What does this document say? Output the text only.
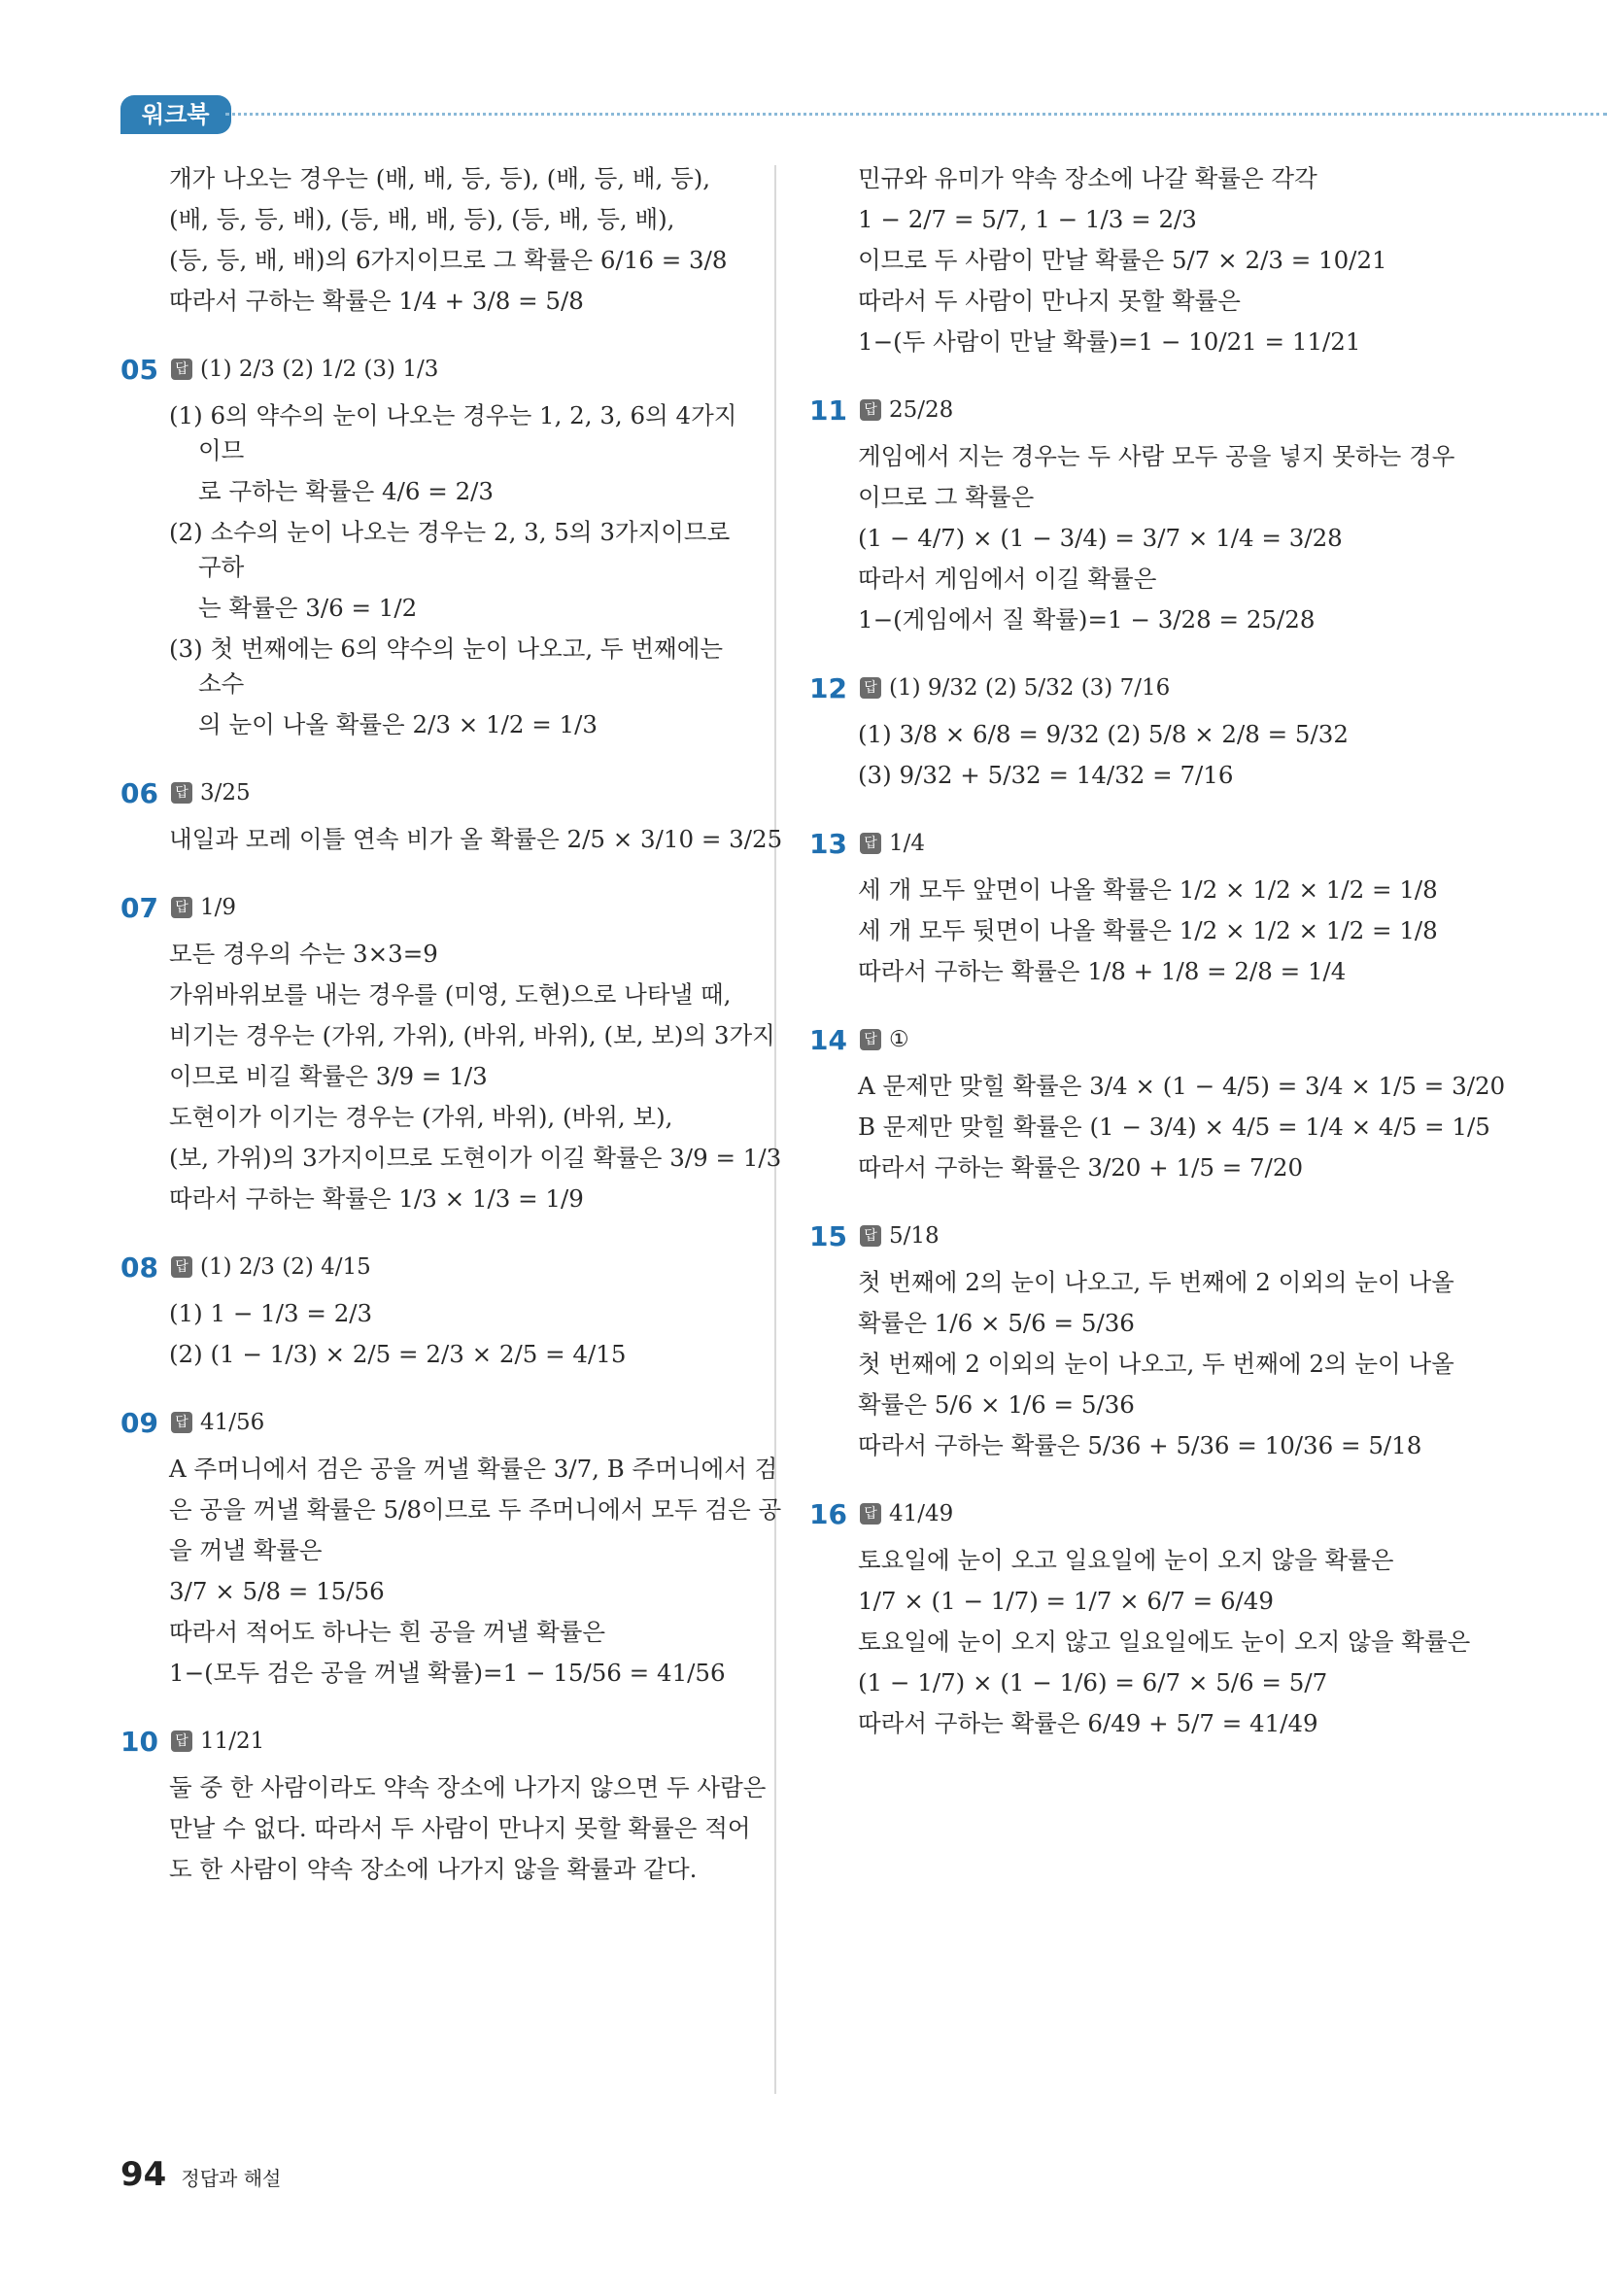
워크북
개가 나오는 경우는 (배, 배, 등, 등), (배, 등, 배, 등),
(배, 등, 등, 배), (등, 배, 배, 등), (등, 배, 등, 배),
(등, 등, 배, 배)의 6가지이므로 그 확률은 6/16 = 3/8
따라서 구하는 확률은 1/4 + 3/8 = 5/8
05	답 (1) 2/3 (2) 1/2 (3) 1/3
(1) 6의 약수의 눈이 나오는 경우는 1, 2, 3, 6의 4가지이므
로 구하는 확률은 4/6 = 2/3
(2) 소수의 눈이 나오는 경우는 2, 3, 5의 3가지이므로 구하
는 확률은 3/6 = 1/2
(3) 첫 번째에는 6의 약수의 눈이 나오고, 두 번째에는 소수
의 눈이 나올 확률은 2/3 × 1/2 = 1/3
06	답 3/25
내일과 모레 이틀 연속 비가 올 확률은 2/5 × 3/10 = 3/25
07	답 1/9
모든 경우의 수는 3×3=9
가위바위보를 내는 경우를 (미영, 도현)으로 나타낼 때,
비기는 경우는 (가위, 가위), (바위, 바위), (보, 보)의 3가지
이므로 비길 확률은 3/9 = 1/3
도현이가 이기는 경우는 (가위, 바위), (바위, 보),
(보, 가위)의 3가지이므로 도현이가 이길 확률은 3/9 = 1/3
따라서 구하는 확률은 1/3 × 1/3 = 1/9
08	답 (1) 2/3 (2) 4/15
(1) 1 − 1/3 = 2/3
(2) (1 − 1/3) × 2/5 = 2/3 × 2/5 = 4/15
09	답 41/56
A 주머니에서 검은 공을 꺼낼 확률은 3/7, B 주머니에서 검
은 공을 꺼낼 확률은 5/8이므로 두 주머니에서 모두 검은 공
을 꺼낼 확률은
3/7 × 5/8 = 15/56
따라서 적어도 하나는 흰 공을 꺼낼 확률은
1−(모두 검은 공을 꺼낼 확률)=1 − 15/56 = 41/56
10	답 11/21
둘 중 한 사람이라도 약속 장소에 나가지 않으면 두 사람은
만날 수 없다. 따라서 두 사람이 만나지 못할 확률은 적어
도 한 사람이 약속 장소에 나가지 않을 확률과 같다.
민규와 유미가 약속 장소에 나갈 확률은 각각
1 − 2/7 = 5/7, 1 − 1/3 = 2/3
이므로 두 사람이 만날 확률은 5/7 × 2/3 = 10/21
따라서 두 사람이 만나지 못할 확률은
1−(두 사람이 만날 확률)=1 − 10/21 = 11/21
11	답 25/28
게임에서 지는 경우는 두 사람 모두 공을 넣지 못하는 경우
이므로 그 확률은
(1 − 4/7) × (1 − 3/4) = 3/7 × 1/4 = 3/28
따라서 게임에서 이길 확률은
1−(게임에서 질 확률)=1 − 3/28 = 25/28
12	답 (1) 9/32 (2) 5/32 (3) 7/16
(1) 3/8 × 6/8 = 9/32 (2) 5/8 × 2/8 = 5/32
(3) 9/32 + 5/32 = 14/32 = 7/16
13	답 1/4
세 개 모두 앞면이 나올 확률은 1/2 × 1/2 × 1/2 = 1/8
세 개 모두 뒷면이 나올 확률은 1/2 × 1/2 × 1/2 = 1/8
따라서 구하는 확률은 1/8 + 1/8 = 2/8 = 1/4
14	답 ①
A 문제만 맞힐 확률은 3/4 × (1 − 4/5) = 3/4 × 1/5 = 3/20
B 문제만 맞힐 확률은 (1 − 3/4) × 4/5 = 1/4 × 4/5 = 1/5
따라서 구하는 확률은 3/20 + 1/5 = 7/20
15	답 5/18
첫 번째에 2의 눈이 나오고, 두 번째에 2 이외의 눈이 나올
확률은 1/6 × 5/6 = 5/36
첫 번째에 2 이외의 눈이 나오고, 두 번째에 2의 눈이 나올
확률은 5/6 × 1/6 = 5/36
따라서 구하는 확률은 5/36 + 5/36 = 10/36 = 5/18
16	답 41/49
토요일에 눈이 오고 일요일에 눈이 오지 않을 확률은
1/7 × (1 − 1/7) = 1/7 × 6/7 = 6/49
토요일에 눈이 오지 않고 일요일에도 눈이 오지 않을 확률은
(1 − 1/7) × (1 − 1/6) = 6/7 × 5/6 = 5/7
따라서 구하는 확률은 6/49 + 5/7 = 41/49
94 정답과 해설
